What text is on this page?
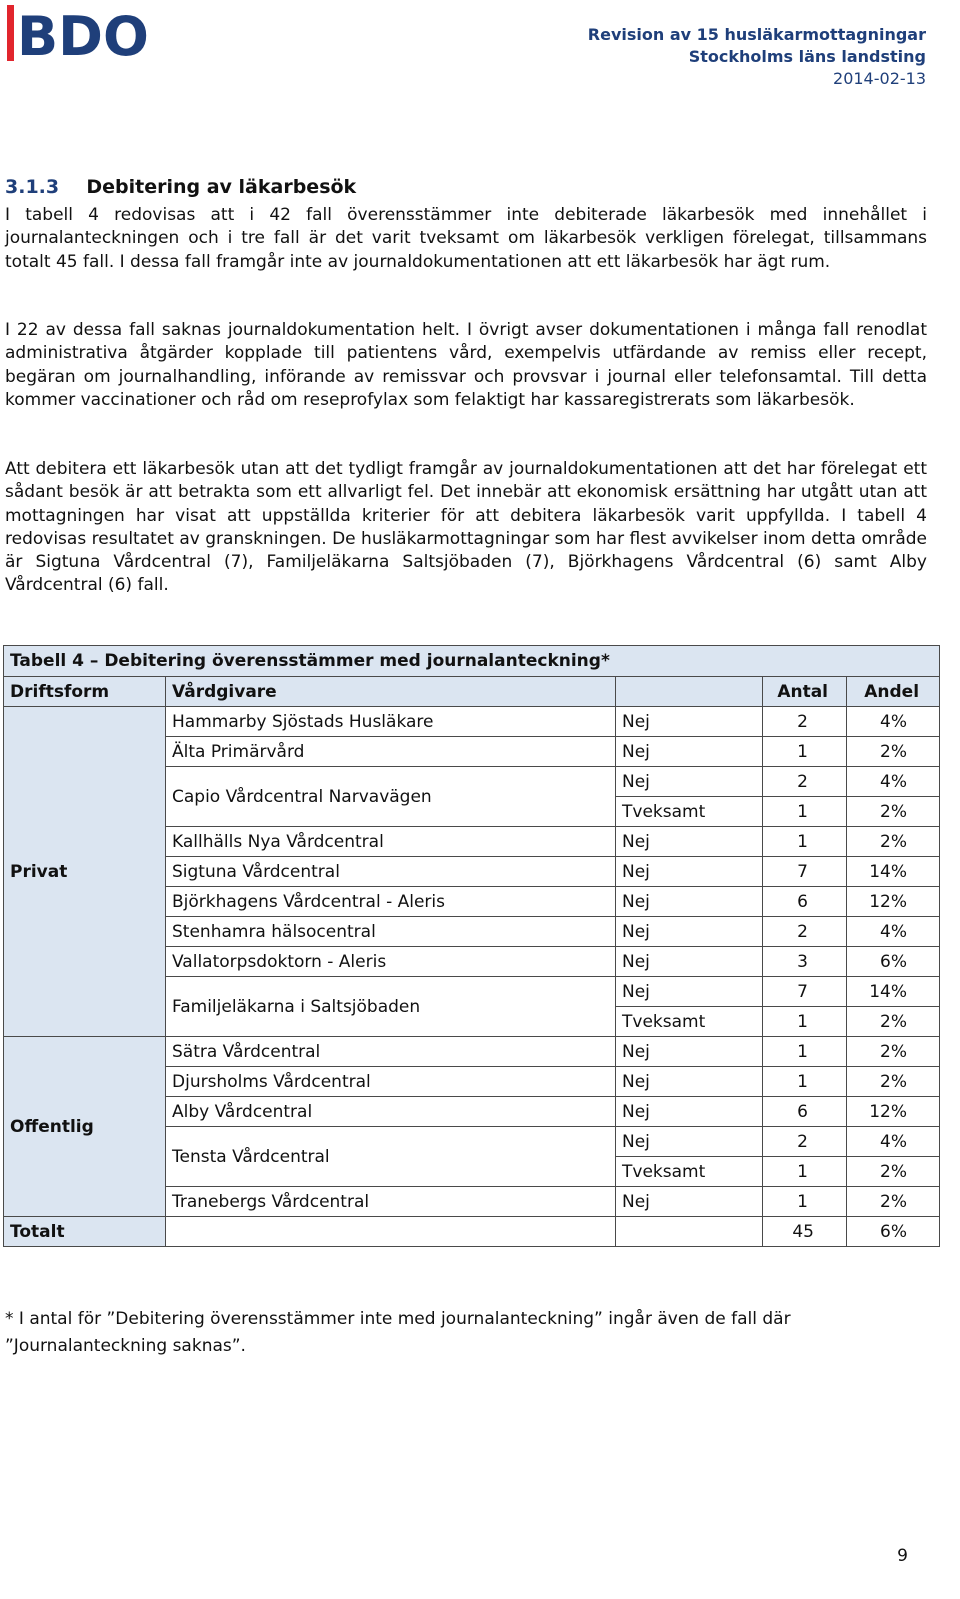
BDO	Revision av 15 husläkarmottagningar
Stockholms läns landsting
2014-02-13
3.1.3 Debitering av läkarbesök

I tabell 4 redovisas att i 42 fall överensstämmer inte debiterade läkarbesök med innehållet i journalanteckningen och i tre fall är det varit tveksamt om läkarbesök verkligen förelegat, tillsammans totalt 45 fall. I dessa fall framgår inte av journaldokumentationen att ett läkarbesök har ägt rum.

I 22 av dessa fall saknas journaldokumentation helt. I övrigt avser dokumentationen i många fall renodlat administrativa åtgärder kopplade till patientens vård, exempelvis utfärdande av remiss eller recept, begäran om journalhandling, införande av remissvar och provsvar i journal eller telefonsamtal. Till detta kommer vaccinationer och råd om reseprofylax som felaktigt har kassaregistrerats som läkarbesök.

Att debitera ett läkarbesök utan att det tydligt framgår av journaldokumentationen att det har förelegat ett sådant besök är att betrakta som ett allvarligt fel. Det innebär att ekonomisk ersättning har utgått utan att mottagningen har visat att uppställda kriterier för att debitera läkarbesök varit uppfyllda. I tabell 4 redovisas resultatet av granskningen. De husläkarmottagningar som har flest avvikelser inom detta område är Sigtuna Vårdcentral (7), Familjeläkarna Saltsjöbaden (7), Björkhagens Vårdcentral (6) samt Alby Vårdcentral (6) fall.

Tabell 4 – Debitering överensstämmer med journalanteckning*				
Driftsform	Vårdgivare		Antal	Andel
Privat	Hammarby Sjöstads Husläkare	Nej	2	4%
	Älta Primärvård	Nej	1	2%
	Capio Vårdcentral Narvavägen	Nej	2	4%
		Tveksamt	1	2%
	Kallhälls Nya Vårdcentral	Nej	1	2%
	Sigtuna Vårdcentral	Nej	7	14%
	Björkhagens Vårdcentral - Aleris	Nej	6	12%
	Stenhamra hälsocentral	Nej	2	4%
	Vallatorpsdoktorn - Aleris	Nej	3	6%
	Familjeläkarna i Saltsjöbaden	Nej	7	14%
		Tveksamt	1	2%
Offentlig	Sätra Vårdcentral	Nej	1	2%
	Djursholms Vårdcentral	Nej	1	2%
	Alby Vårdcentral	Nej	6	12%
	Tensta Vårdcentral	Nej	2	4%
		Tveksamt	1	2%
	Tranebergs Vårdcentral	Nej	1	2%
Totalt			45	6%

* I antal för ”Debitering överensstämmer inte med journalanteckning” ingår även de fall där ”Journalanteckning saknas”.

9
